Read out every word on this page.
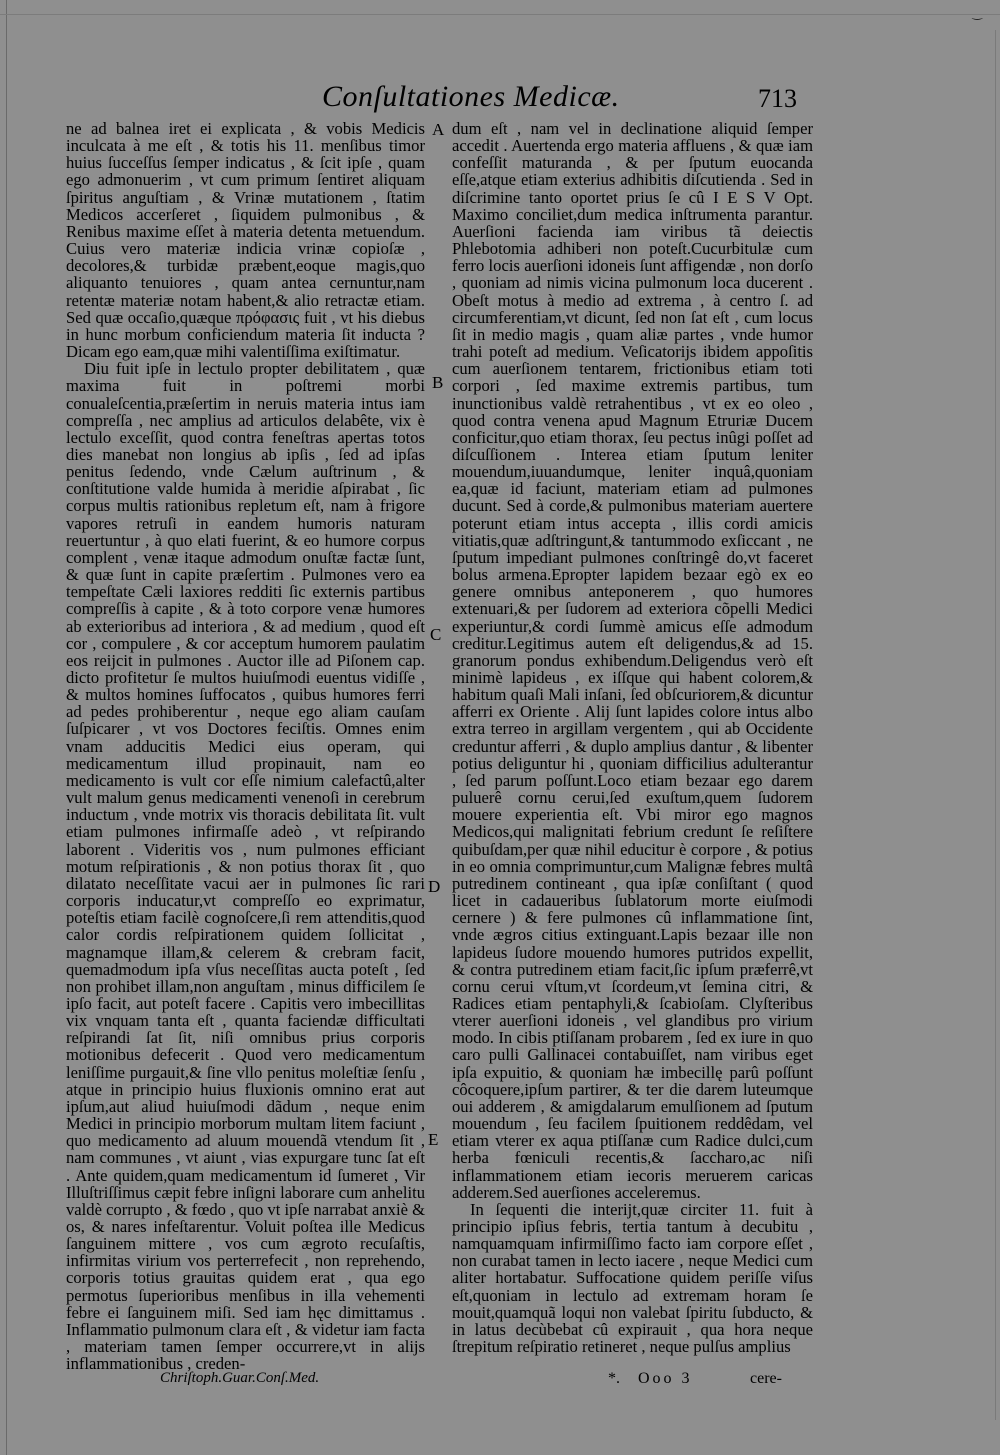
‿
Conſultationes Medicæ.	713

ne ad balnea iret ei explicata , & vobis Medicis inculcata à me eſt , & totis his 11. menſibus timor huius ſucceſſus ſemper indicatus , & ſcit ipſe , quam ego admonuerim , vt cum primum ſentiret aliquam ſpiritus anguſtiam , & Vrinæ mutationem , ſtatim Medicos accerſeret , ſiquidem pulmonibus , & Renibus maxime eſſet à materia detenta metuendum. Cuius vero materiæ indicia vrinæ copioſæ , decolores,& turbidæ præbent,eoque magis,quo aliquanto tenuiores , quam antea cernuntur,nam retentæ materiæ notam habent,& alio retractæ etiam. Sed quæ occaſio,quæque πρόφασις fuit , vt his diebus in hunc morbum conficiendum materia ſit inducta ? Dicam ego eam,quæ mihi valentiſſima exiſtimatur.

Diu fuit ipſe in lectulo propter debilitatem , quæ maxima fuit in poſtremi morbi conualeſcentia,præſertim in neruis materia intus iam compreſſa , nec amplius ad articulos delabête, vix è lectulo exceſſit, quod contra feneſtras apertas totos dies manebat non longius ab ipſis , ſed ad ipſas penitus ſedendo, vnde Cælum auſtrinum , & conſtitutione valde humida à meridie aſpirabat , ſic corpus multis rationibus repletum eſt, nam à frigore vapores retruſi in eandem humoris naturam reuertuntur , à quo elati fuerint, & eo humore corpus complent , venæ itaque admodum onuſtæ factæ ſunt, & quæ ſunt in capite præſertim . Pulmones vero ea tempeſtate Cæli laxiores redditi ſic externis partibus compreſſis à capite , & à toto corpore venæ humores ab exterioribus ad interiora , & ad medium , quod eſt cor , compulere , & cor acceptum humorem paulatim eos reijcit in pulmones . Auctor ille ad Piſonem cap. dicto profitetur ſe multos huiuſmodi euentus vidiſſe , & multos homines ſuffocatos , quibus humores ferri ad pedes prohiberentur , neque ego aliam cauſam ſuſpicarer , vt vos Doctores feciſtis. Omnes enim vnam adducitis Medici eius operam, qui medicamentum illud propinauit, nam eo medicamento is vult cor eſſe nimium calefactû,alter vult malum genus medicamenti venenoſi in cerebrum inductum , vnde motrix vis thoracis debilitata ſit. vult etiam pulmones infirmaſſe adeò , vt reſpirando laborent . Videritis vos , num pulmones efficiant motum reſpirationis , & non potius thorax ſit , quo dilatato neceſſitate vacui aer in pulmones ſic rari corporis inducatur,vt compreſſo eo exprimatur, poteſtis etiam facilè cognoſcere,ſi rem attenditis,quod calor cordis reſpirationem quidem ſollicitat , magnamque illam,& celerem & crebram facit, quemadmodum ipſa vſus neceſſitas aucta poteſt , ſed non prohibet illam,non anguſtam , minus difficilem ſe ipſo facit, aut poteſt facere . Capitis vero imbecillitas vix vnquam tanta eſt , quanta faciendæ difficultati reſpirandi ſat ſit, niſi omnibus prius corporis motionibus defecerit . Quod vero medicamentum leniſſime purgauit,& ſine vllo penitus moleſtiæ ſenſu , atque in principio huius fluxionis omnino erat aut ipſum,aut aliud huiuſmodi dãdum , neque enim Medici in principio morborum multam litem faciunt , quo medicamento ad aluum mouendã vtendum ſit , nam communes , vt aiunt , vias expurgare tunc ſat eſt . Ante quidem,quam medicamentum id ſumeret , Vir Illuſtriſſimus cæpit febre inſigni laborare cum anhelitu valdè corrupto , & fœdo , quo vt ipſe narrabat anxiè & os, & nares infeſtarentur. Voluit poſtea ille Medicus ſanguinem mittere , vos cum ægroto recuſaſtis, infirmitas virium vos perterrefecit , non reprehendo, corporis totius grauitas quidem erat , qua ego permotus ſuperioribus menſibus in illa vehementi febre ei ſanguinem miſi. Sed iam hęc dimittamus . Inflammatio pulmonum clara eſt , & videtur iam facta , materiam tamen ſemper occurrere,vt in alijs inflammationibus , creden-

A
B
C
D
E

dum eſt , nam vel in declinatione aliquid ſemper accedit . Auertenda ergo materia affluens , & quæ iam confeſſit maturanda , & per ſputum euocanda eſſe,atque etiam exterius adhibitis diſcutienda . Sed in diſcrimine tanto oportet prius ſe cû I E S V Opt. Maximo conciliet,dum medica inſtrumenta parantur. Auerſioni facienda iam viribus tã deiectis Phlebotomia adhiberi non poteſt.Cucurbitulæ cum ferro locis auerſioni idoneis ſunt affigendæ , non dorſo , quoniam ad nimis vicina pulmonum loca ducerent . Obeſt motus à medio ad extrema , à centro ſ. ad circumferentiam,vt dicunt, ſed non ſat eſt , cum locus ſit in medio magis , quam aliæ partes , vnde humor trahi poteſt ad medium. Veſicatorijs ibidem appoſitis cum auerſionem tentarem, frictionibus etiam toti corpori , ſed maxime extremis partibus, tum inunctionibus valdè retrahentibus , vt ex eo oleo , quod contra venena apud Magnum Etruriæ Ducem conficitur,quo etiam thorax, ſeu pectus inûgi poſſet ad diſcuſſionem . Interea etiam ſputum leniter mouendum,iuuandumque, leniter inquâ,quoniam ea,quæ id faciunt, materiam etiam ad pulmones ducunt. Sed à corde,& pulmonibus materiam auertere poterunt etiam intus accepta , illis cordi amicis vitiatis,quæ adſtringunt,& tantummodo exſiccant , ne ſputum impediant pulmones conſtringê do,vt faceret bolus armena.Epropter lapidem bezaar egò ex eo genere omnibus anteponerem , quo humores extenuari,& per ſudorem ad exteriora cõpelli Medici experiuntur,& cordi ſummè amicus eſſe admodum creditur.Legitimus autem eſt deligendus,& ad 15. granorum pondus exhibendum.Deligendus verò eſt minimè lapideus , ex iſſque qui habent colorem,& habitum quaſi Mali inſani, ſed obſcuriorem,& dicuntur afferri ex Oriente . Alij ſunt lapides colore intus albo extra terreo in argillam vergentem , qui ab Occidente creduntur afferri , & duplo amplius dantur , & libenter potius deliguntur hi , quoniam difficilius adulterantur , ſed parum poſſunt.Loco etiam bezaar ego darem puluerê cornu cerui,ſed exuſtum,quem ſudorem mouere experientia eſt. Vbi miror ego magnos Medicos,qui malignitati febrium credunt ſe reſiſtere quibuſdam,per quæ nihil educitur è corpore , & potius in eo omnia comprimuntur,cum Malignæ febres multâ putredinem contineant , qua ipſæ conſiſtant ( quod licet in cadaueribus ſublatorum morte eiuſmodi cernere ) & fere pulmones cû inflammatione ſint, vnde ægros citius extinguant.Lapis bezaar ille non lapideus ſudore mouendo humores putridos expellit, & contra putredinem etiam facit,ſic ipſum præferrê,vt cornu cerui vſtum,vt ſcordeum,vt ſemina citri, & Radices etiam pentaphyli,& ſcabioſam. Clyſteribus vterer auerſioni idoneis , vel glandibus pro virium modo. In cibis ptiſſanam probarem , ſed ex iure in quo caro pulli Gallinacei contabuiſſet, nam viribus eget ipſa expuitio, & quoniam hæ imbecillę parû poſſunt côcoquere,ipſum partirer, & ter die darem luteumque oui adderem , & amigdalarum emulſionem ad ſputum mouendum , ſeu facilem ſpuitionem reddêdam, vel etiam vterer ex aqua ptiſſanæ cum Radice dulci,cum herba fœniculi recentis,& ſaccharo,ac niſi inflammationem etiam iecoris meruerem caricas adderem.Sed auerſiones acceleremus.

In ſequenti die interijt,quæ circiter 11. fuit à principio ipſius febris, tertia tantum à decubitu , namquamquam infirmiſſimo facto iam corpore eſſet , non curabat tamen in lecto iacere , neque Medici cum aliter hortabatur. Suffocatione quidem periſſe viſus eſt,quoniam in lectulo ad extremam horam ſe mouit,quamquã loqui non valebat ſpiritu ſubducto, & in latus decùbebat cû expirauit , qua hora neque ſtrepitum reſpiratio retineret , neque pulſus amplius

Chriſtoph.Guar.Conſ.Med.	*. Ooo 3	cere-
